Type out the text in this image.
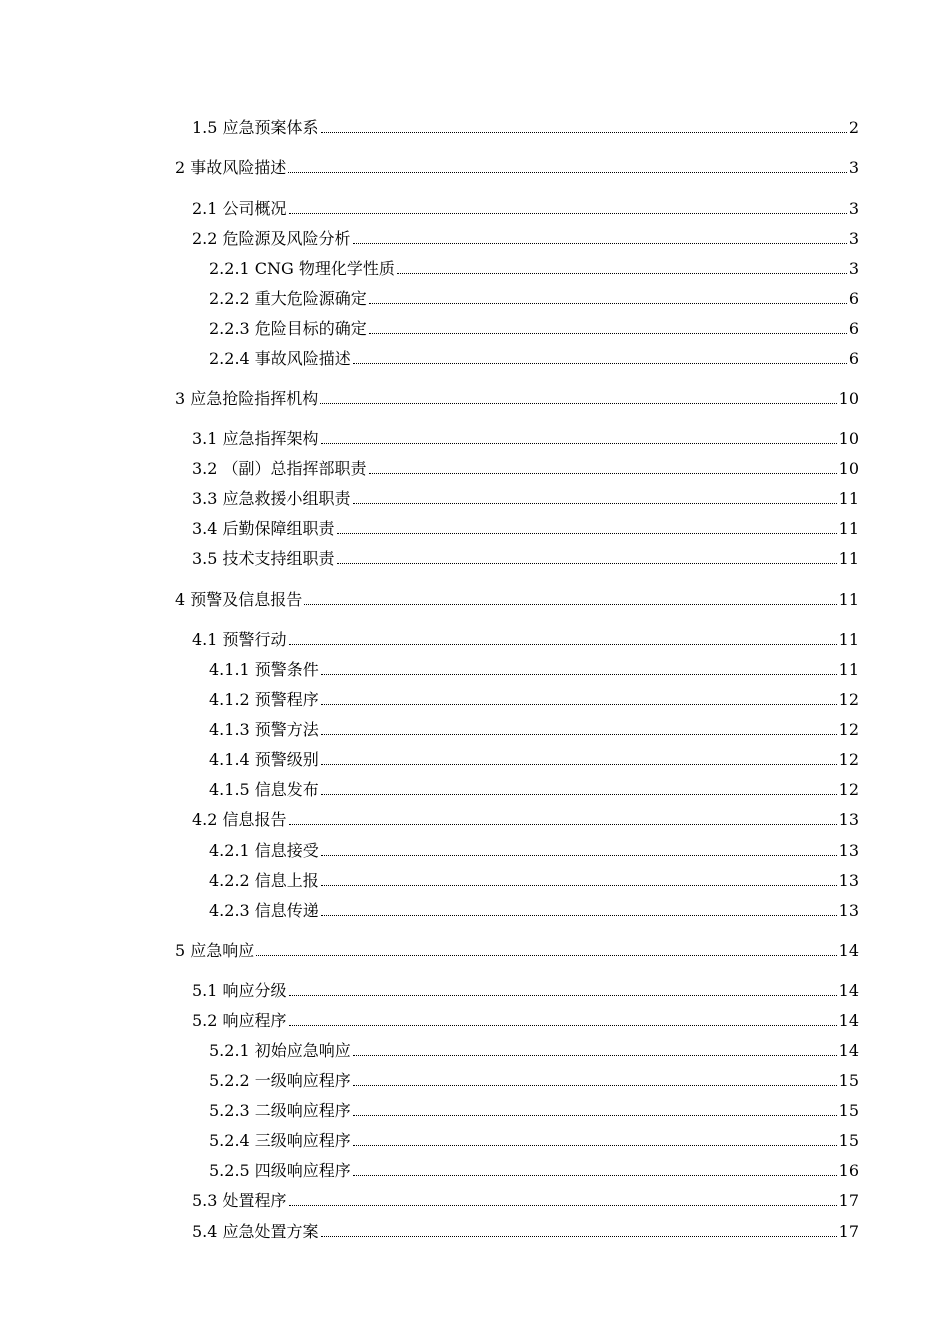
1.5 应急预案体系	2
2 事故风险描述	3
2.1 公司概况	3
2.2 危险源及风险分析	3
2.2.1 CNG 物理化学性质	3
2.2.2 重大危险源确定	6
2.2.3 危险目标的确定	6
2.2.4 事故风险描述	6
3 应急抢险指挥机构	10
3.1 应急指挥架构	10
3.2 （副）总指挥部职责	10
3.3 应急救援小组职责	11
3.4 后勤保障组职责	11
3.5 技术支持组职责	11
4 预警及信息报告	11
4.1 预警行动	11
4.1.1 预警条件	11
4.1.2 预警程序	12
4.1.3 预警方法	12
4.1.4 预警级别	12
4.1.5 信息发布	12
4.2 信息报告	13
4.2.1 信息接受	13
4.2.2 信息上报	13
4.2.3 信息传递	13
5 应急响应	14
5.1 响应分级	14
5.2 响应程序	14
5.2.1 初始应急响应	14
5.2.2 一级响应程序	15
5.2.3 二级响应程序	15
5.2.4 三级响应程序	15
5.2.5 四级响应程序	16
5.3 处置程序	17
5.4 应急处置方案	17
